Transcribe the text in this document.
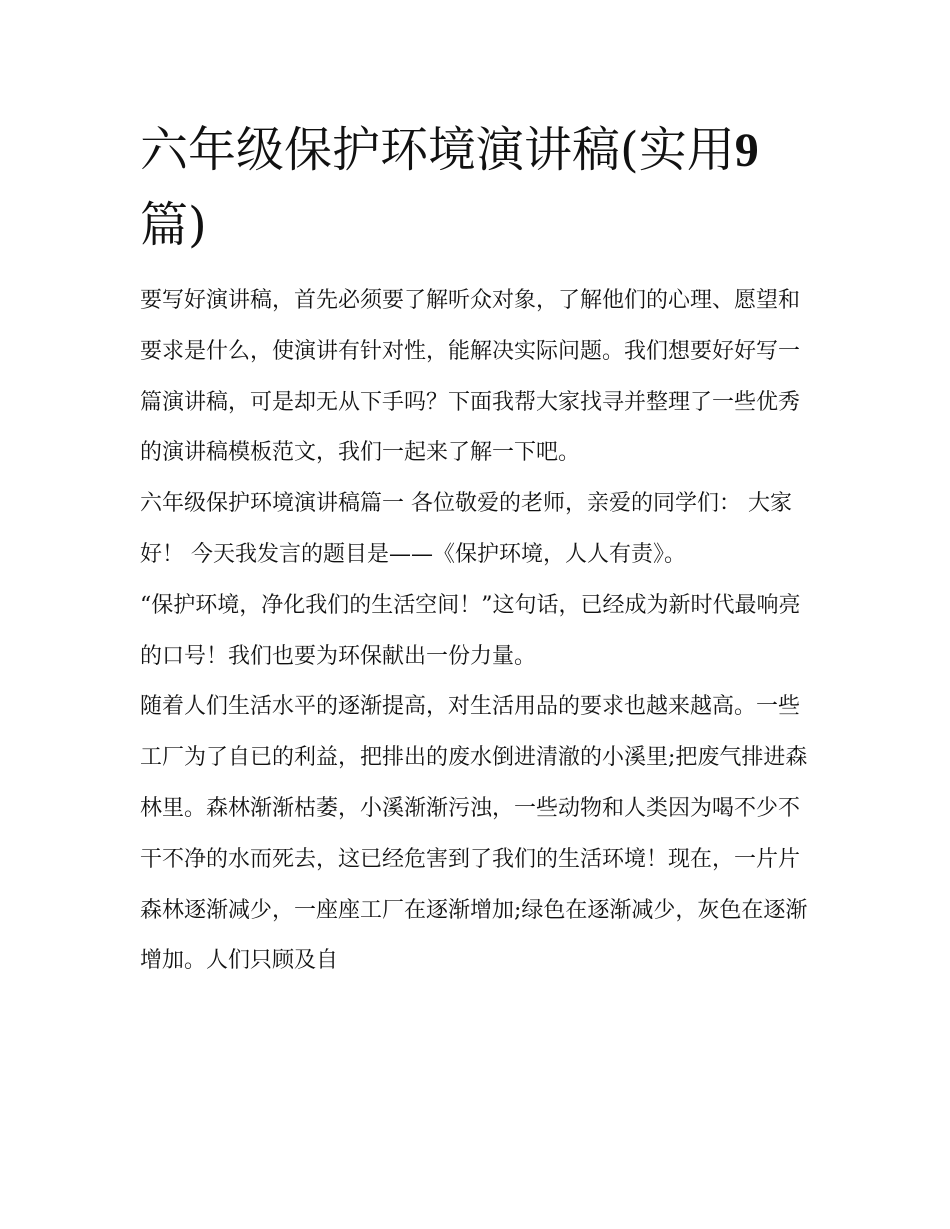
六年级保护环境演讲稿(实用9
篇)

要写好演讲稿，首先必须要了解听众对象，了解他们的心理、愿望和要求是什么，使演讲有针对性，能解决实际问题。我们想要好好写一篇演讲稿，可是却无从下手吗？下面我帮大家找寻并整理了一些优秀的演讲稿模板范文，我们一起来了解一下吧。

六年级保护环境演讲稿篇一 各位敬爱的老师，亲爱的同学们： 大家好！ 今天我发言的题目是——《保护环境，人人有责》。

“保护环境，净化我们的生活空间！”这句话，已经成为新时代最响亮的口号！我们也要为环保献出一份力量。

随着人们生活水平的逐渐提高，对生活用品的要求也越来越高。一些工厂为了自已的利益，把排出的废水倒进清澈的小溪里;把废气排进森林里。森林渐渐枯萎，小溪渐渐污浊，一些动物和人类因为喝不少不干不净的水而死去，这已经危害到了我们的生活环境！现在，一片片森林逐渐减少，一座座工厂在逐渐增加;绿色在逐渐减少，灰色在逐渐增加。人们只顾及自
